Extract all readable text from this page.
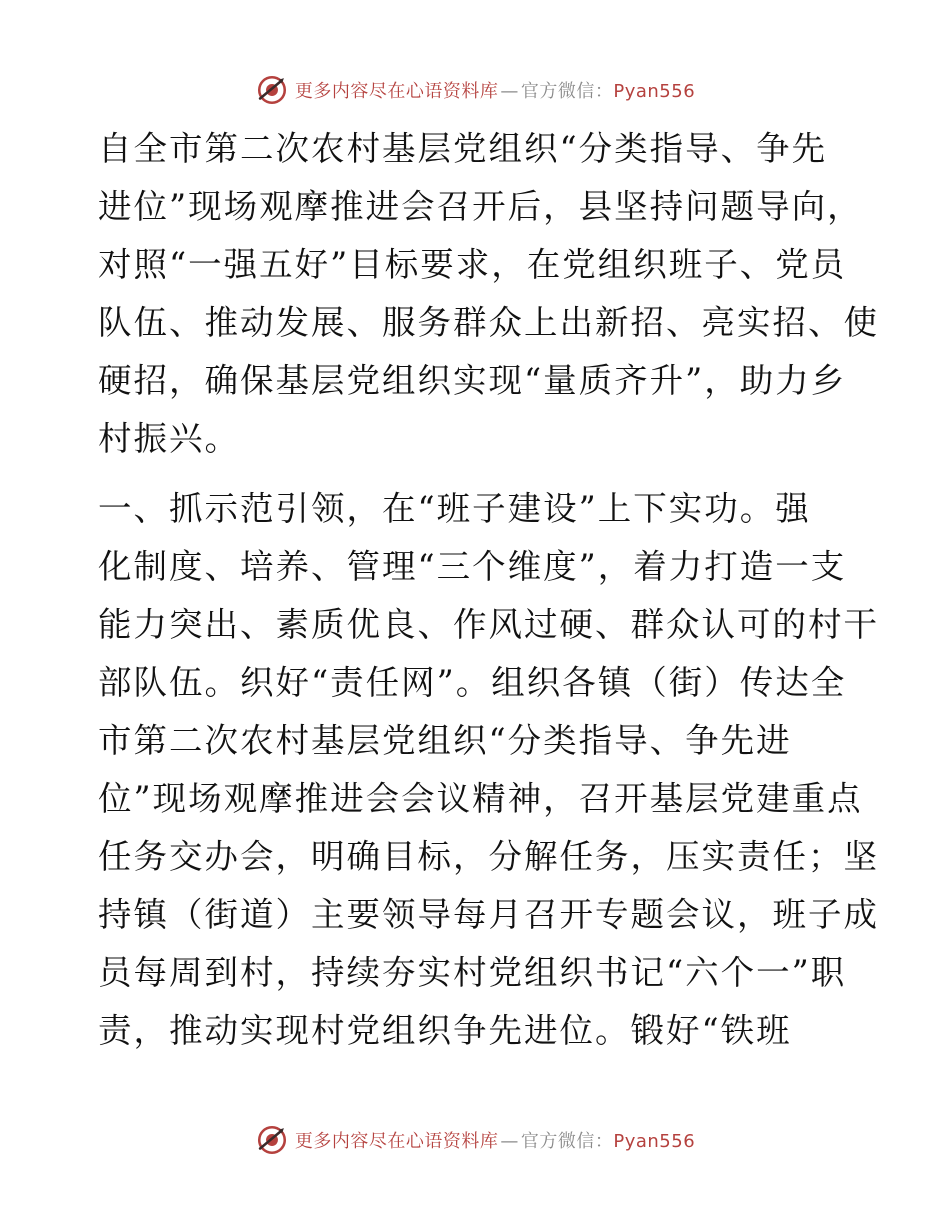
更多内容尽在心语资料库 — 官方微信：Pyan556

自全市第二次农村基层党组织“分类指导、争先
进位”现场观摩推进会召开后，县坚持问题导向，
对照“一强五好”目标要求，在党组织班子、党员
队伍、推动发展、服务群众上出新招、亮实招、使
硬招，确保基层党组织实现“量质齐升”，助力乡
村振兴。

一、抓示范引领，在“班子建设”上下实功。强
化制度、培养、管理“三个维度”，着力打造一支
能力突出、素质优良、作风过硬、群众认可的村干
部队伍。织好“责任网”。组织各镇（街）传达全
市第二次农村基层党组织“分类指导、争先进
位”现场观摩推进会会议精神，召开基层党建重点
任务交办会，明确目标，分解任务，压实责任；坚
持镇（街道）主要领导每月召开专题会议，班子成
员每周到村，持续夯实村党组织书记“六个一”职
责，推动实现村党组织争先进位。锻好“铁班

更多内容尽在心语资料库 — 官方微信：Pyan556
